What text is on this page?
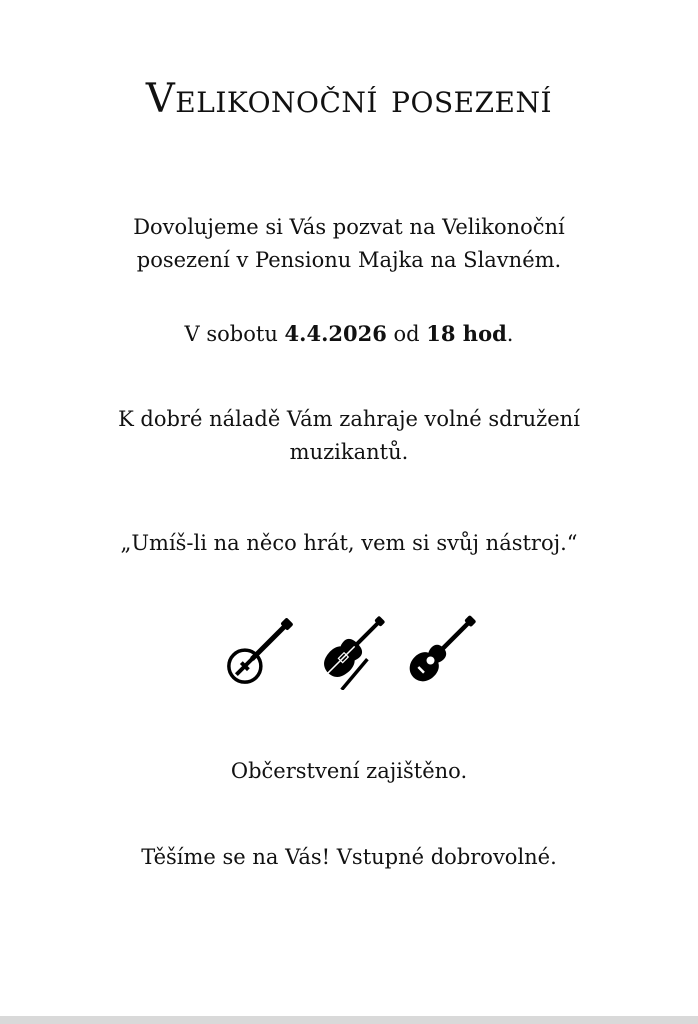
Velikonoční posezení
Dovolujeme si Vás pozvat na Velikonoční
posezení v Pensionu Majka na Slavném.
V sobotu 4.4.2026 od 18 hod.
K dobré náladě Vám zahraje volné sdružení
muzikantů.
„Umíš-li na něco hrát, vem si svůj nástroj.“
Občerstvení zajištěno.
Těšíme se na Vás! Vstupné dobrovolné.
